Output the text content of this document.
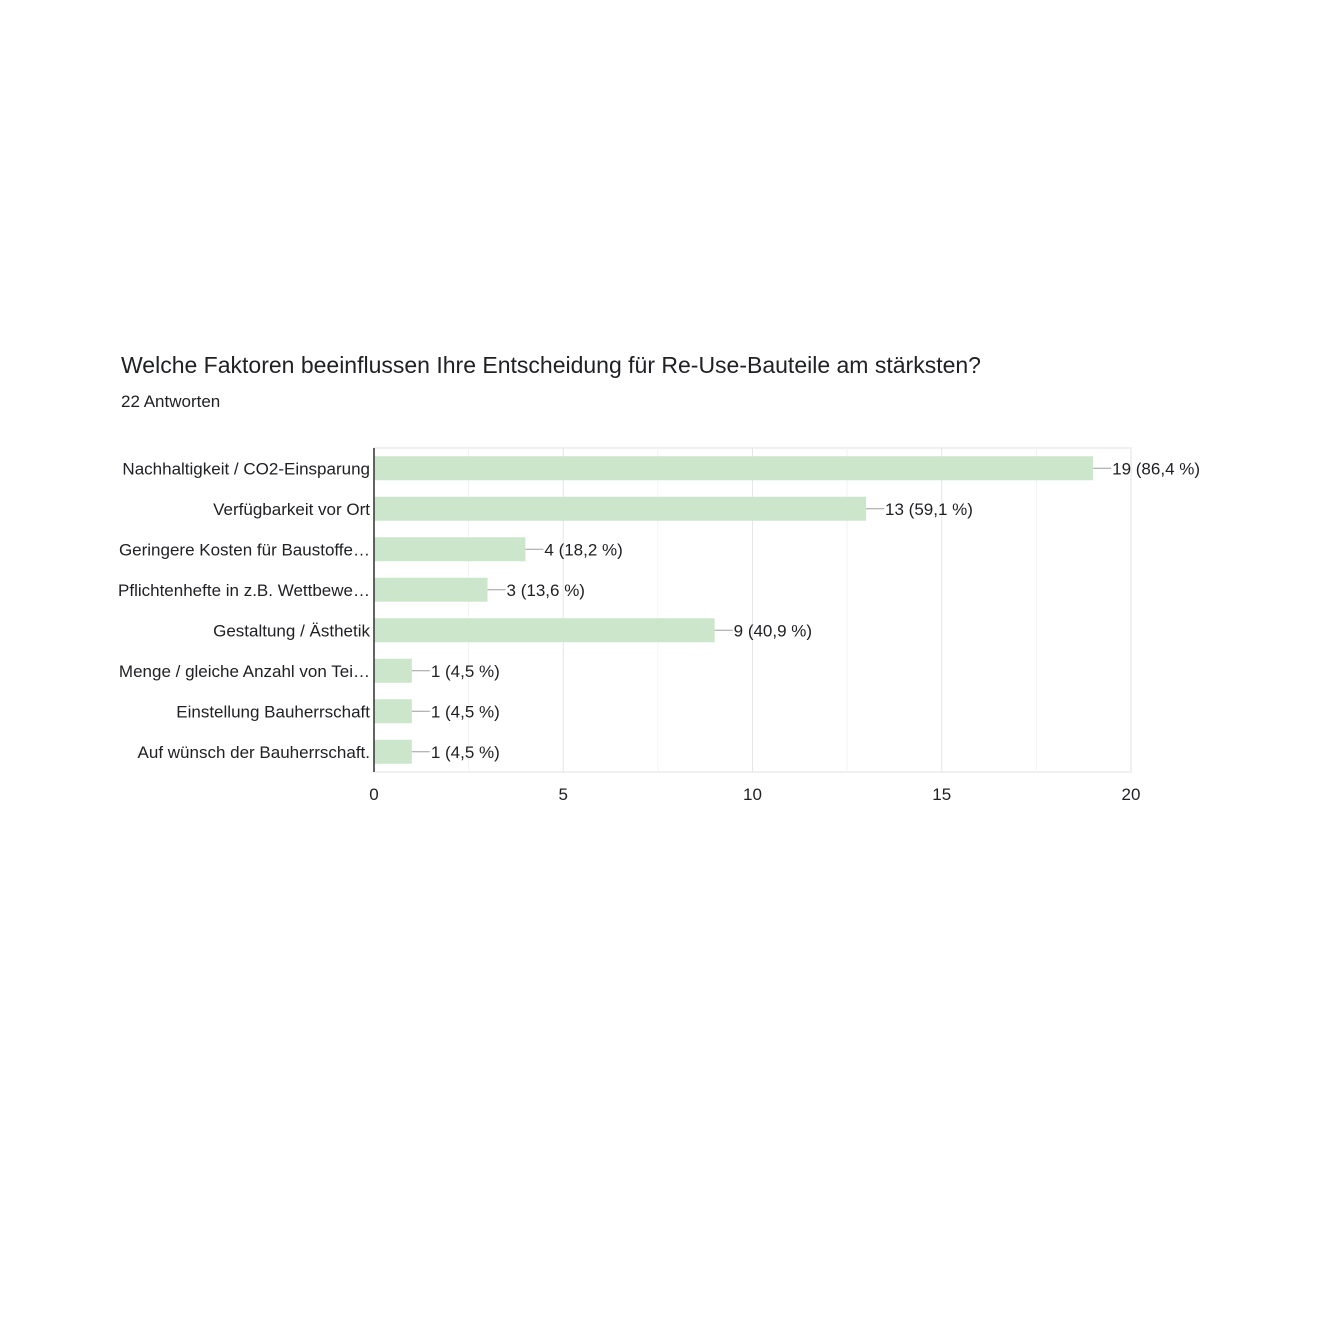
Welche Faktoren beeinflussen Ihre Entscheidung für Re-Use-Bauteile am stärksten?
22 Antworten
19 (86,4 %)
Nachhaltigkeit / CO2-Einsparung
13 (59,1 %)
Verfügbarkeit vor Ort
4 (18,2 %)
Geringere Kosten für Baustoffe…
3 (13,6 %)
Pflichtenhefte in z.B. Wettbewe…
9 (40,9 %)
Gestaltung / Ästhetik
1 (4,5 %)
Menge / gleiche Anzahl von Tei…
1 (4,5 %)
Einstellung Bauherrschaft
1 (4,5 %)
Auf wünsch der Bauherrschaft.
0	5	10	15	20
